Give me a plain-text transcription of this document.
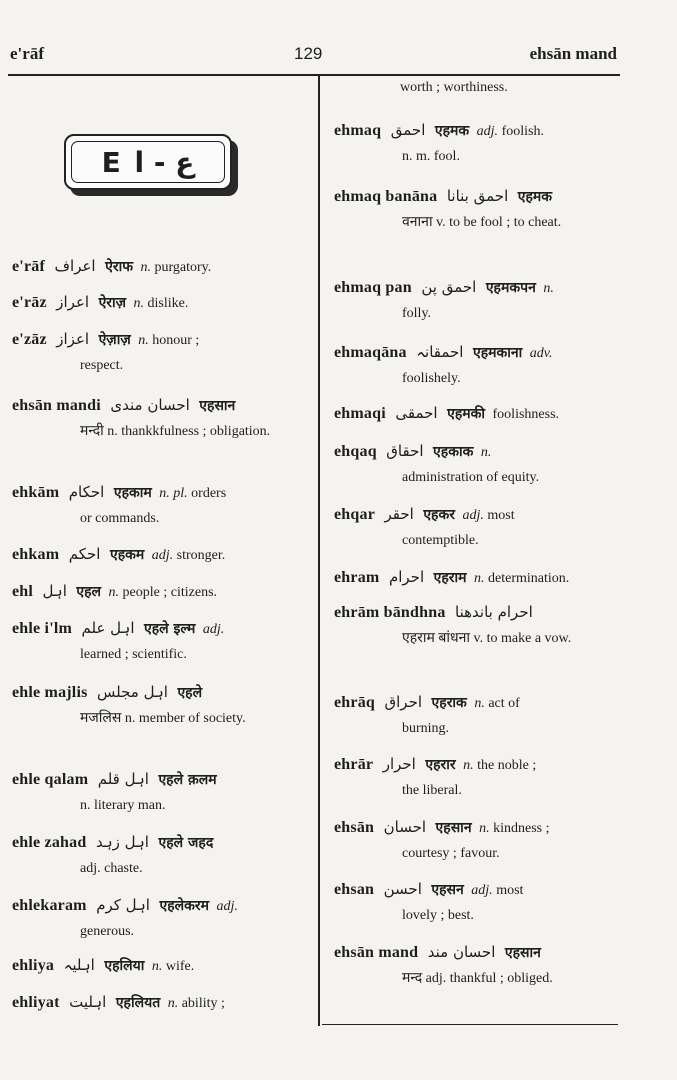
e'rāf	129	ehsān mand
E ع - ا
worth ; worthiness.
e'rāf اعراف ऐराफ n. purgatory.
e'rāz اعراز ऐराज़ n. dislike.
e'zāz اعزاز ऐज़ाज़ n. honour ;
respect.
ehsān mandi احسان مندی एहसान
मन्दी n. thankkfulness ; obligation.
ehkām احکام एहकाम n. pl. orders
or commands.
ehkam احکم एहकम adj. stronger.
ehl اہل एहल n. people ; citizens.
ehle i'lm اہل علم एहले इल्म adj.
learned ; scientific.
ehle majlis اہل مجلس एहले
मजलिस n. member of society.
ehle qalam اہل قلم एहले क़लम
n. literary man.
ehle zahad اہل زہد एहले जहद
adj. chaste.
ehlekaram اہل کرم एहलेकरम adj.
generous.
ehliya اہلیہ एहलिया n. wife.
ehliyat اہلیت एहलियत n. ability ;
ehmaq احمق एहमक adj. foolish.
n. m. fool.
ehmaq banāna احمق بنانا एहमक
वनाना v. to be fool ; to cheat.
ehmaq pan احمق پن एहमकपन n.
folly.
ehmaqāna احمقانہ एहमकाना adv.
foolishely.
ehmaqi احمقی एहमकी foolishness.
ehqaq احقاق एहकाक n.
administration of equity.
ehqar احقر एहकर adj. most
contemptible.
ehram احرام एहराम n. determination.
ehrām bāndhna احرام باندھنا
एहराम बांधना v. to make a vow.
ehrāq احراق एहराक n. act of
burning.
ehrār احرار एहरार n. the noble ;
the liberal.
ehsān احسان एहसान n. kindness ;
courtesy ; favour.
ehsan احسن एहसन adj. most
lovely ; best.
ehsān mand احسان مند एहसान
मन्द adj. thankful ; obliged.
